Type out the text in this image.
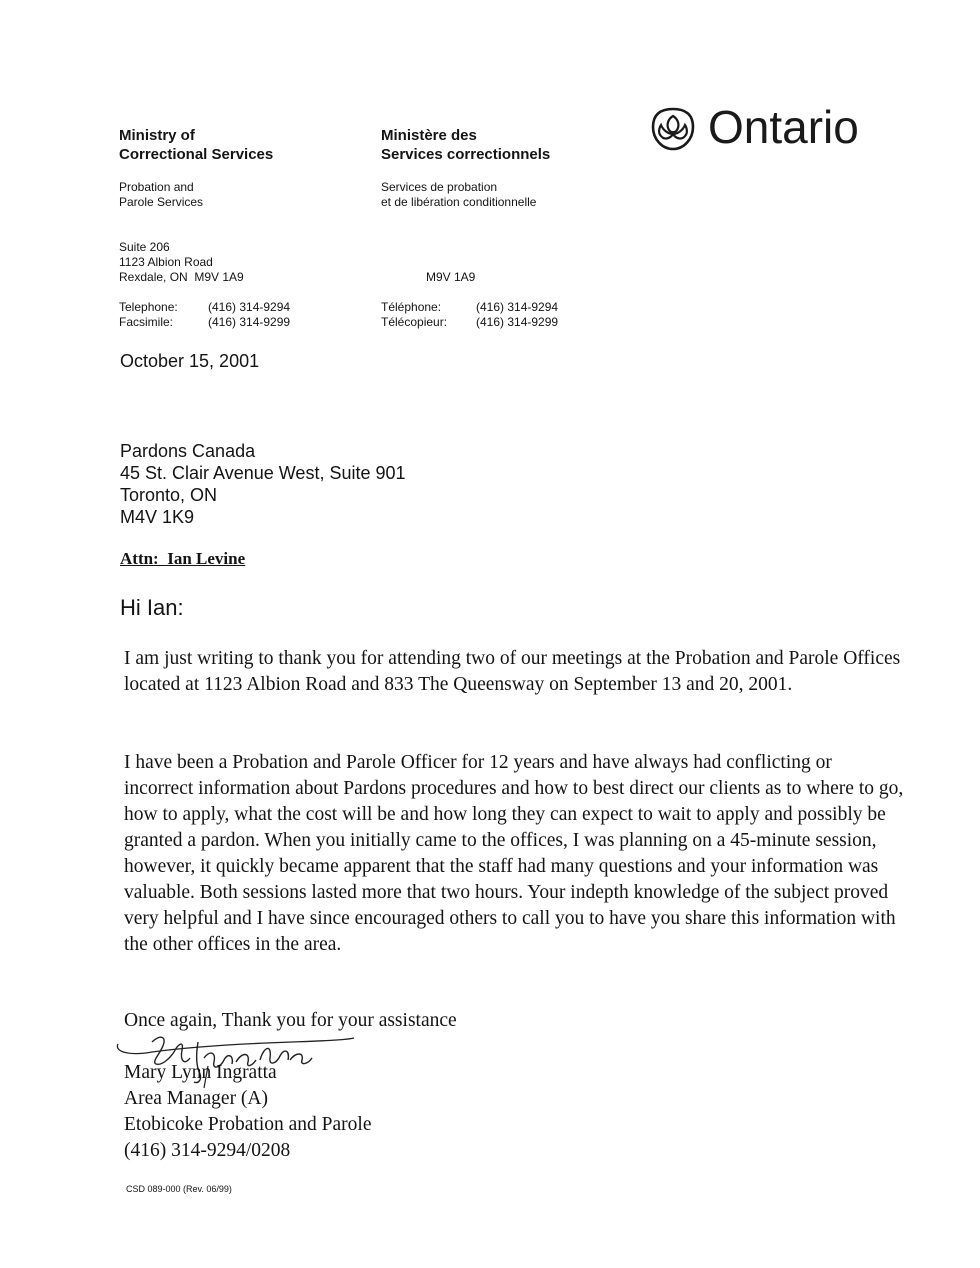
Ministry of
Correctional Services
Probation and
Parole Services
Suite 206
1123 Albion Road
Rexdale, ON  M9V 1A9
Telephone:	(416) 314-9294
Facsimile:	(416) 314-9299
Ministère des
Services correctionnels
Services de probation
et de libération conditionnelle
M9V 1A9
Téléphone:	(416) 314-9294
Télécopieur: (416) 314-9299
Ontario
October 15, 2001
Pardons Canada
45 St. Clair Avenue West, Suite 901
Toronto, ON
M4V 1K9
Attn:  Ian Levine
Hi Ian:

I am just writing to thank you for attending two of our meetings at the Probation and Parole Offices located at 1123 Albion Road and 833 The Queensway on September 13 and 20, 2001.

I have been a Probation and Parole Officer for 12 years and have always had conflicting or incorrect information about Pardons procedures and how to best direct our clients as to where to go, how to apply, what the cost will be and how long they can expect to wait to apply and possibly be granted a pardon. When you initially came to the offices, I was planning on a 45-minute session, however, it quickly became apparent that the staff had many questions and your information was valuable. Both sessions lasted more that two hours. Your indepth knowledge of the subject proved very helpful and I have since encouraged others to call you to have you share this information with the other offices in the area.

Once again, Thank you for your assistance
Mary Lynn Ingratta
Area Manager (A)
Etobicoke Probation and Parole
(416) 314-9294/0208
CSD 089-000 (Rev. 06/99)
